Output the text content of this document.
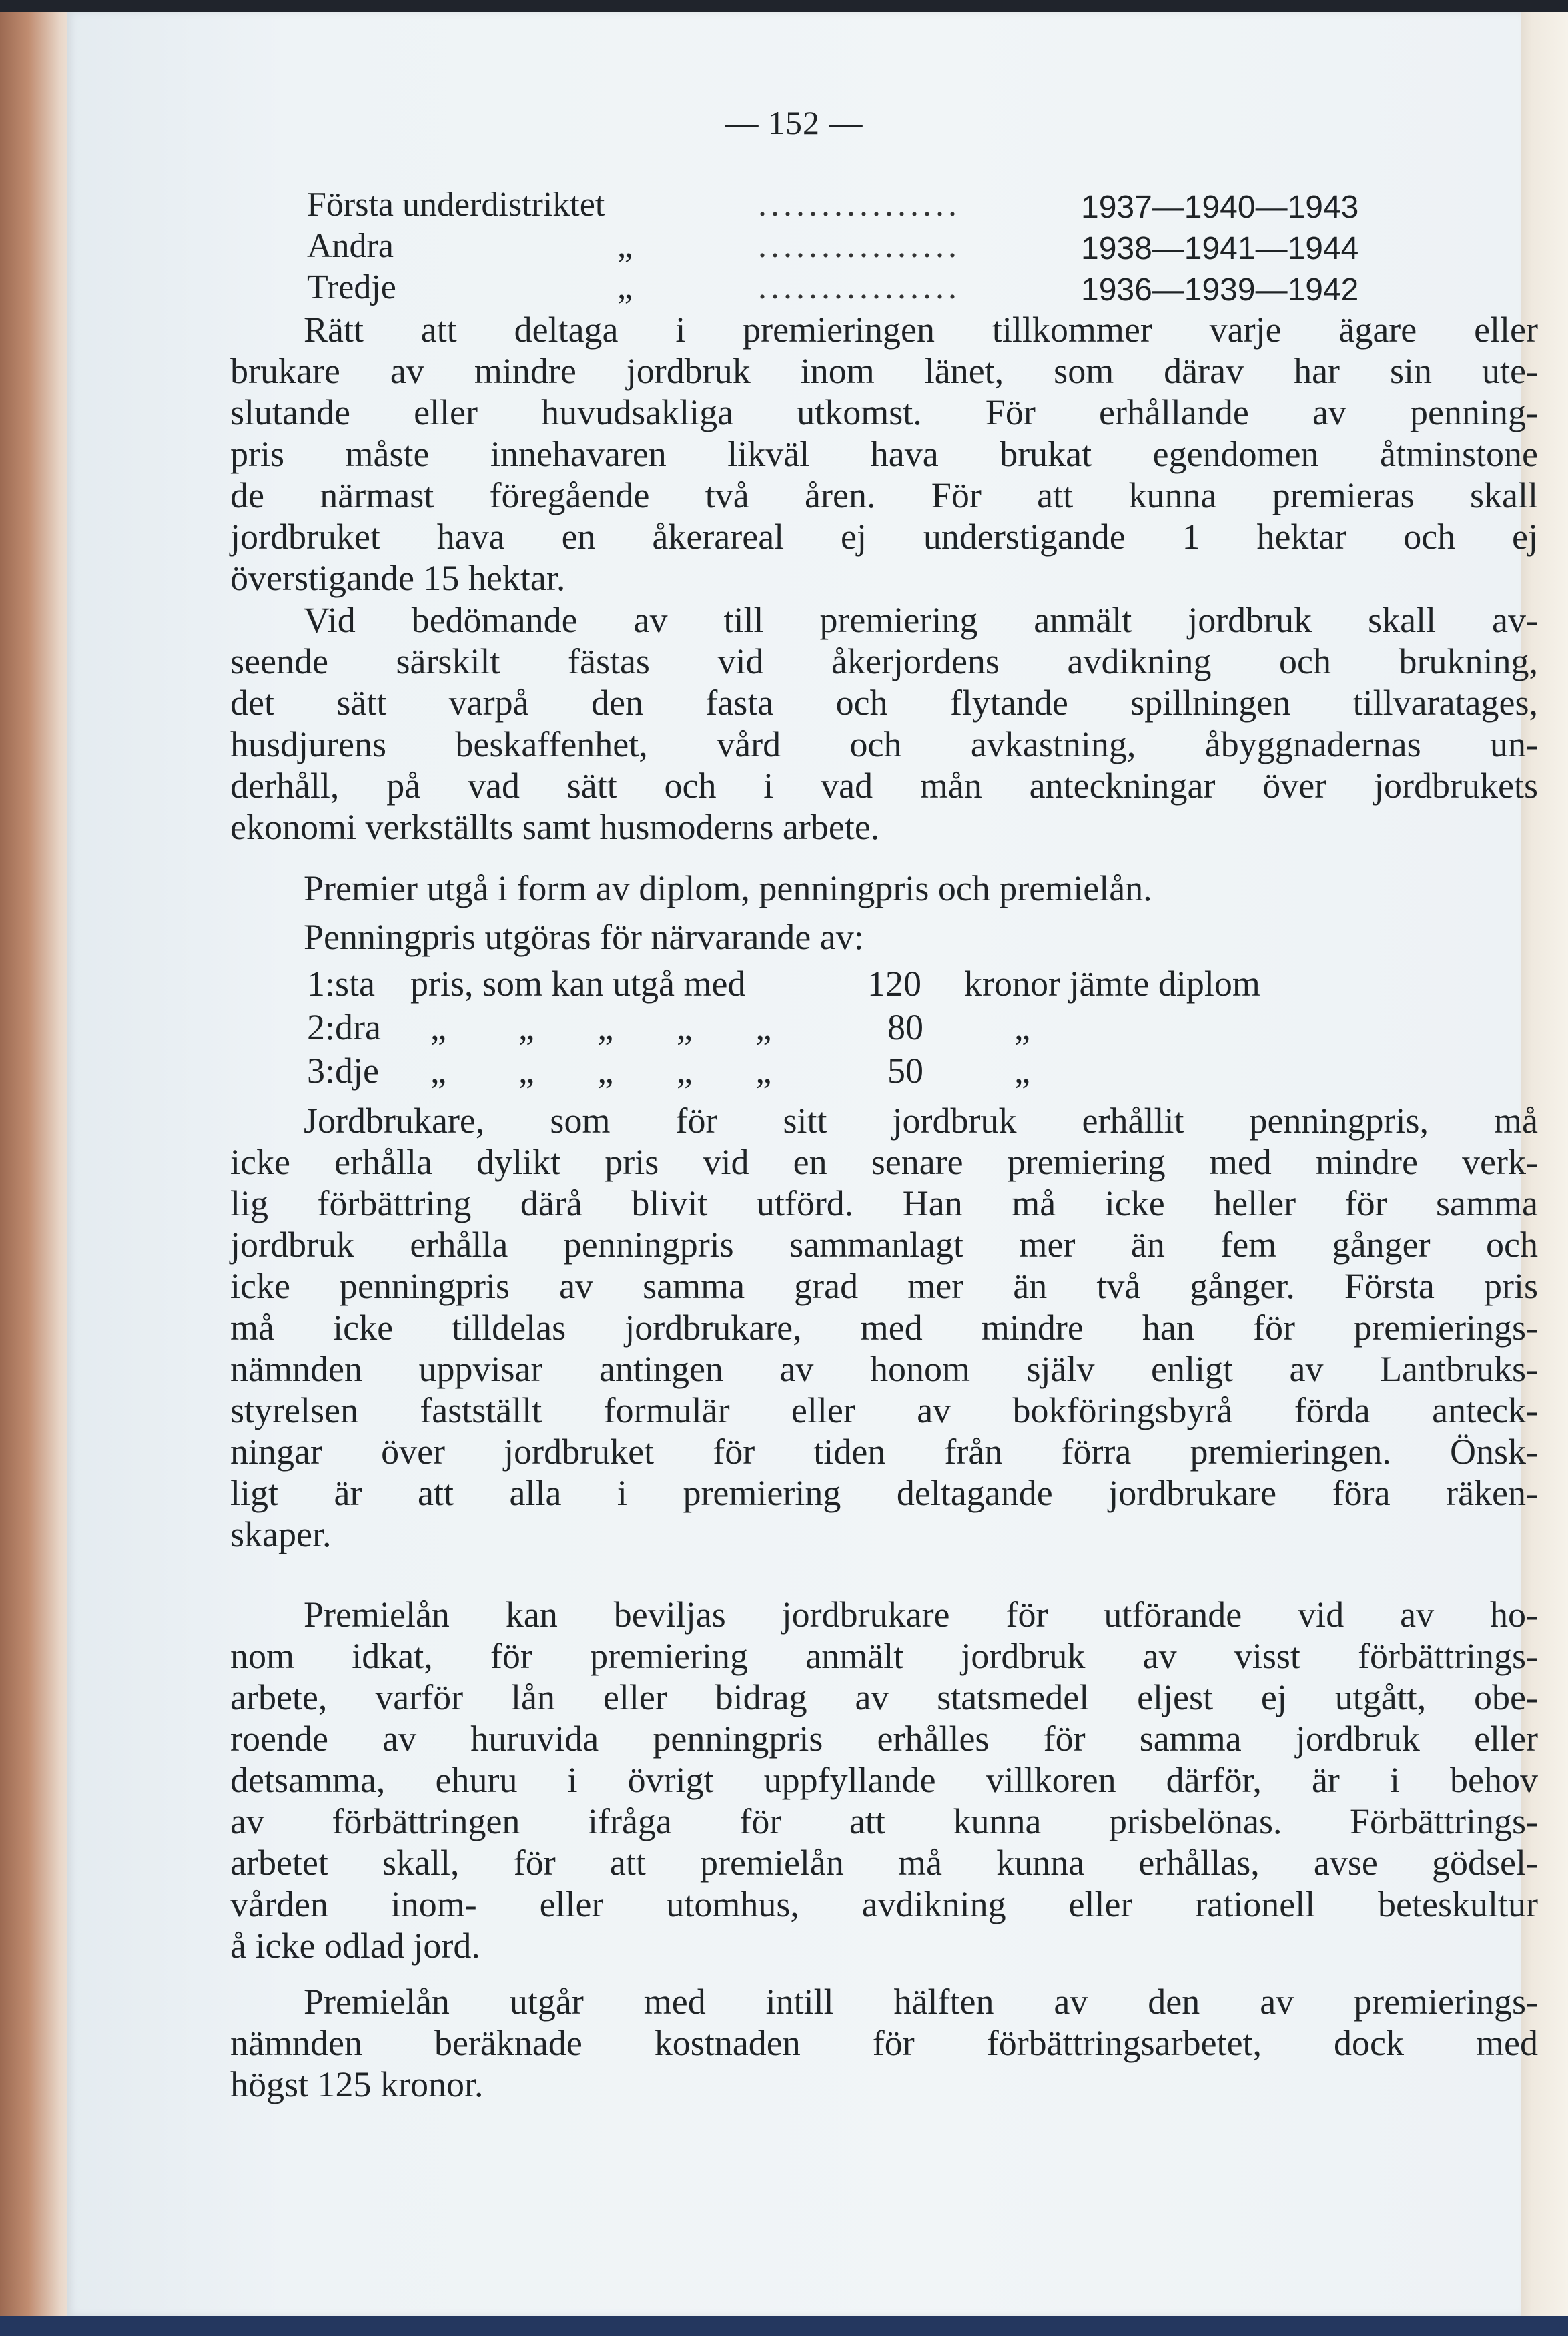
— 152 —
Första underdistriktet	................	1937—1940—1943
Andra	„	................	1938—1941—1944
Tredje	„	................	1936—1939—1942
Rätt att deltaga i premieringen tillkommer varje ägare eller
brukare av mindre jordbruk inom länet, som därav har sin ute-
slutande eller huvudsakliga utkomst. För erhållande av penning-
pris måste innehavaren likväl hava brukat egendomen åtminstone
de närmast föregående två åren. För att kunna premieras skall
jordbruket hava en åkerareal ej understigande 1 hektar och ej
överstigande 15 hektar.
Vid bedömande av till premiering anmält jordbruk skall av-
seende särskilt fästas vid åkerjordens avdikning och brukning,
det sätt varpå den fasta och flytande spillningen tillvaratages,
husdjurens beskaffenhet, vård och avkastning, åbyggnadernas un-
derhåll, på vad sätt och i vad mån anteckningar över jordbrukets
ekonomi verkställts samt husmoderns arbete.
Premier utgå i form av diplom, penningpris och premielån.
Penningpris utgöras för närvarande av:
1:sta pris, som kan utgå med	120 kronor jämte diplom
2:dra „        „       „       „       „	80	„
3:dje „        „       „       „       „	50	„
Jordbrukare, som för sitt jordbruk erhållit penningpris, må
icke erhålla dylikt pris vid en senare premiering med mindre verk-
lig förbättring därå blivit utförd. Han må icke heller för samma
jordbruk erhålla penningpris sammanlagt mer än fem gånger och
icke penningpris av samma grad mer än två gånger. Första pris
må icke tilldelas jordbrukare, med mindre han för premierings-
nämnden uppvisar antingen av honom själv enligt av Lantbruks-
styrelsen fastställt formulär eller av bokföringsbyrå förda anteck-
ningar över jordbruket för tiden från förra premieringen. Önsk-
ligt är att alla i premiering deltagande jordbrukare föra räken-
skaper.
Premielån kan beviljas jordbrukare för utförande vid av ho-
nom idkat, för premiering anmält jordbruk av visst förbättrings-
arbete, varför lån eller bidrag av statsmedel eljest ej utgått, obe-
roende av huruvida penningpris erhålles för samma jordbruk eller
detsamma, ehuru i övrigt uppfyllande villkoren därför, är i behov
av förbättringen ifråga för att kunna prisbelönas. Förbättrings-
arbetet skall, för att premielån må kunna erhållas, avse gödsel-
vården inom- eller utomhus, avdikning eller rationell beteskultur
å icke odlad jord.
Premielån utgår med intill hälften av den av premierings-
nämnden beräknade kostnaden för förbättringsarbetet, dock med
högst 125 kronor.
